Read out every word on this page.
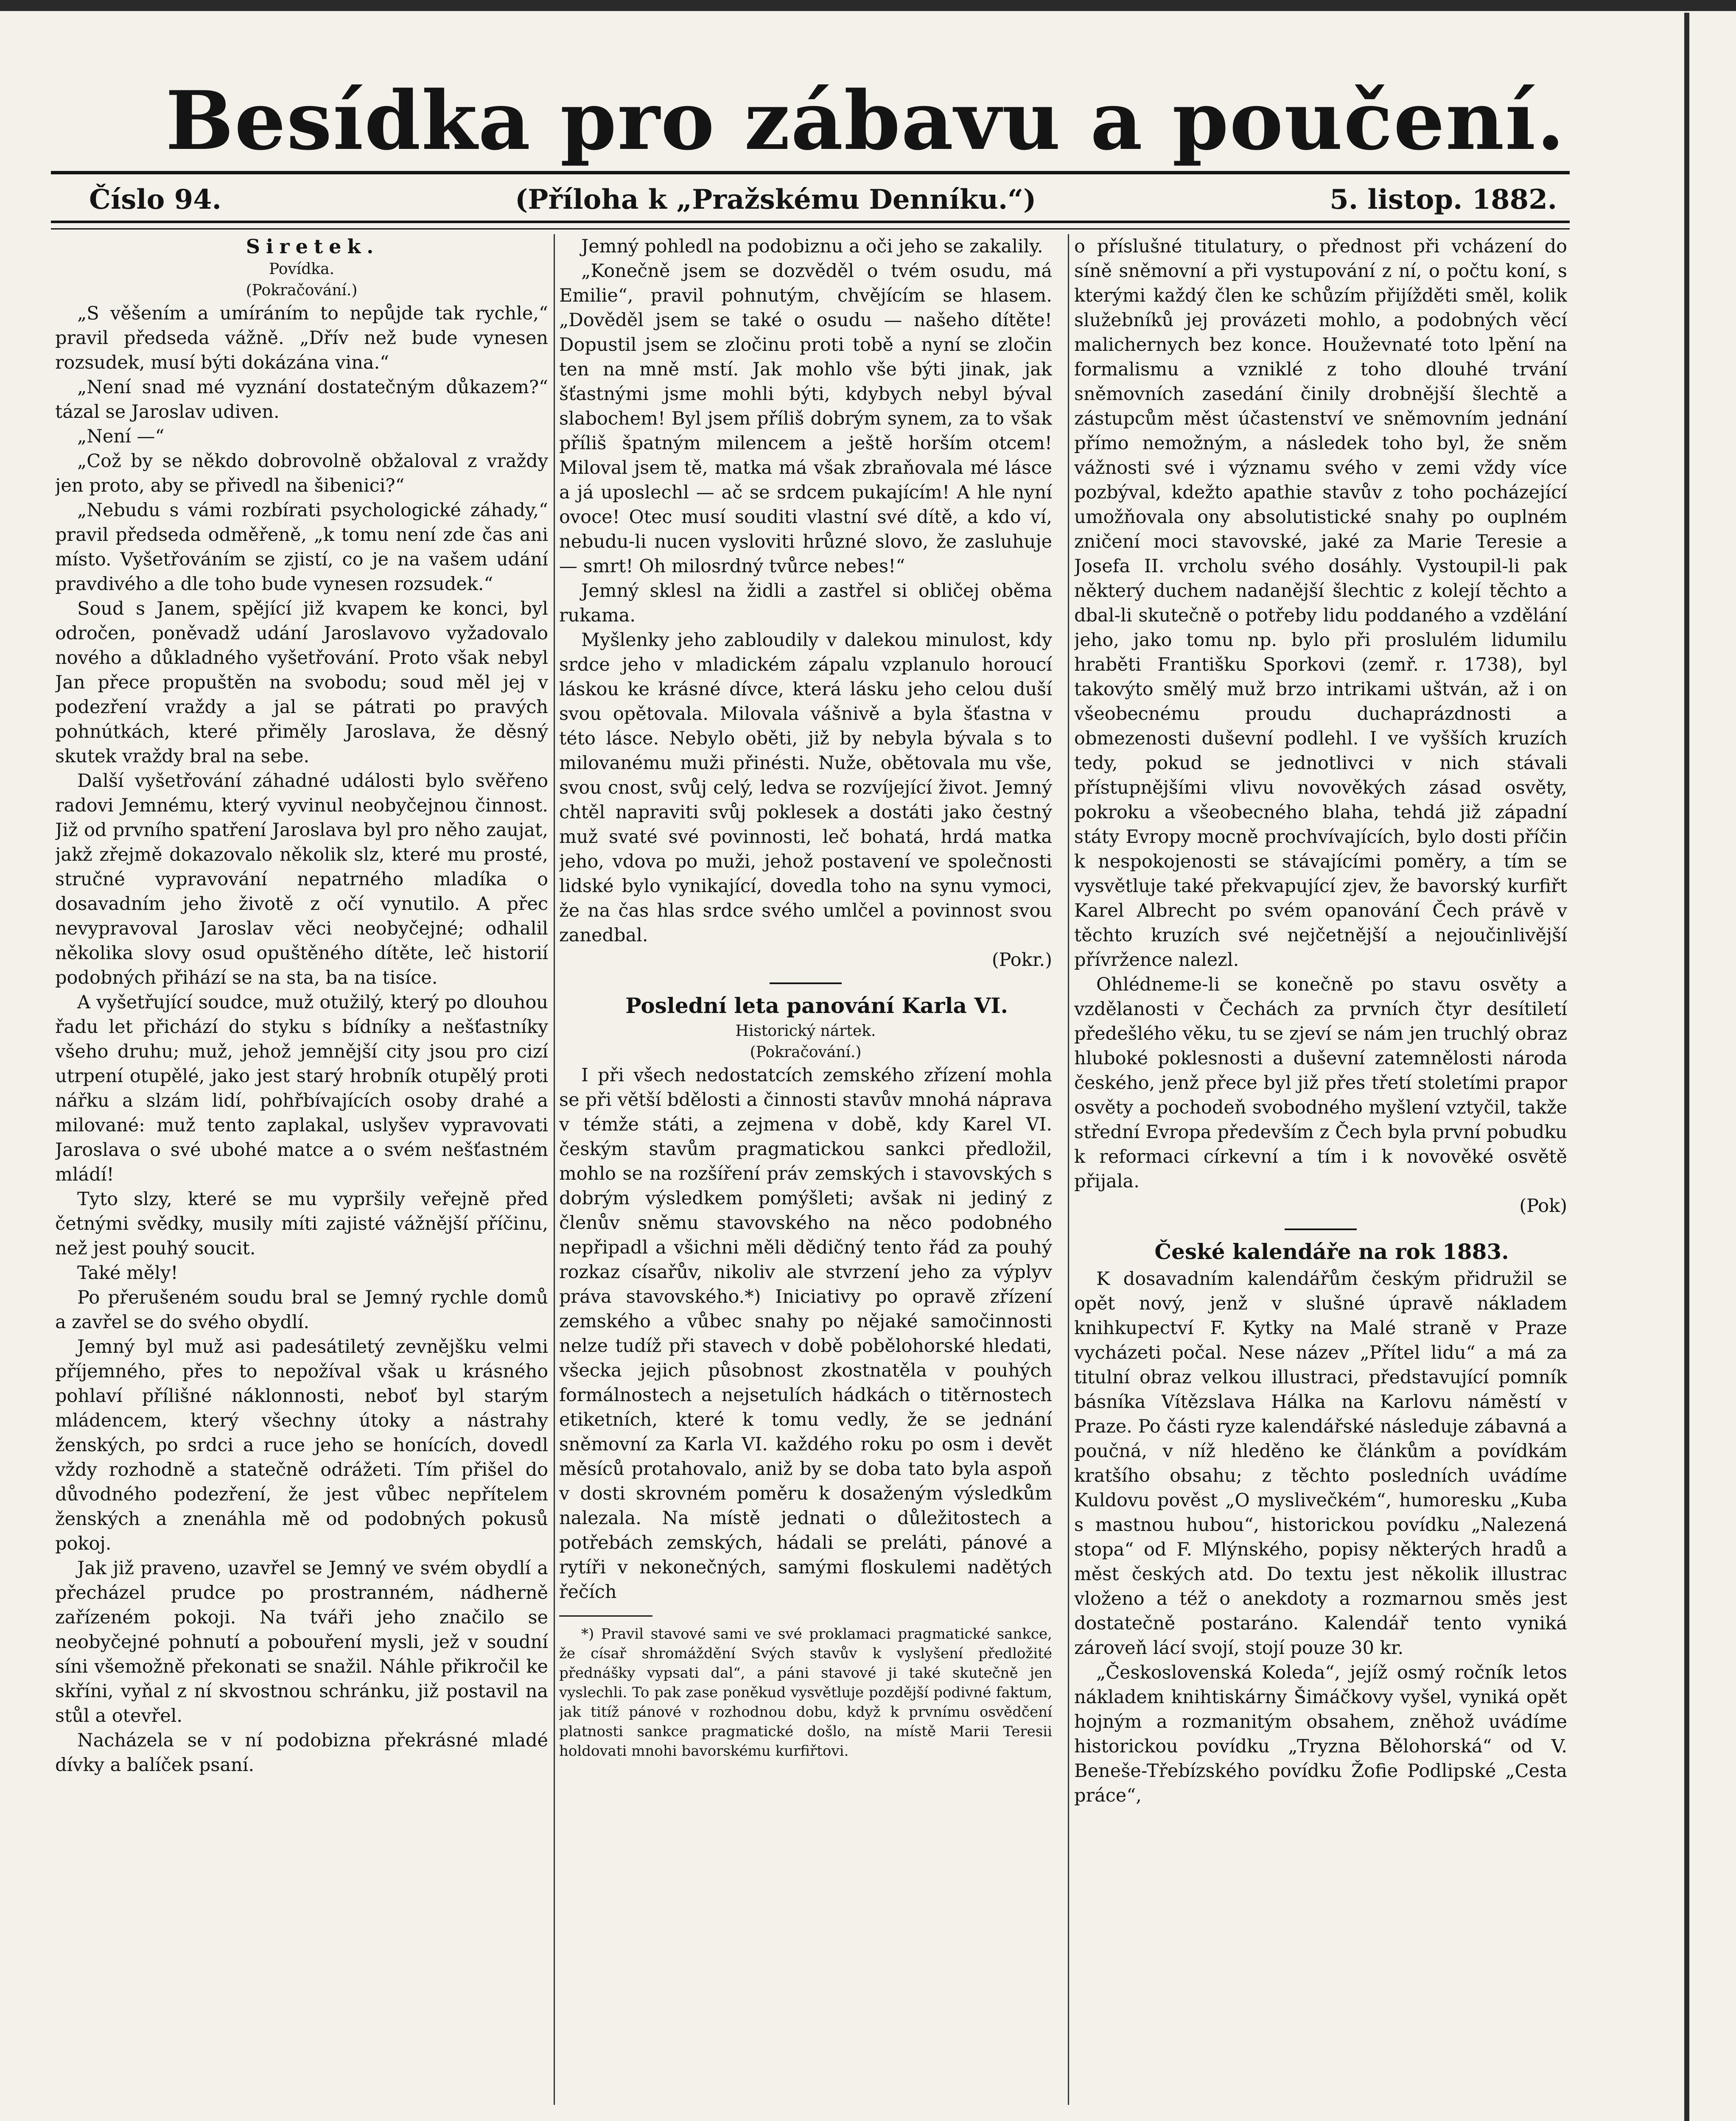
Besídka pro zábavu a poučení.
Číslo 94.	(Příloha k „Pražskému Denníku.“)	5. listop. 1882.

Siretek.

Povídka.

(Pokračování.)

„S věšením a umíráním to nepůjde tak rychle,“ pravil předseda vážně. „Dřív než bude vynesen rozsudek, musí býti dokázána vina.“

„Není snad mé vyznání dostatečným důkazem?“ tázal se Jaroslav udiven.

„Není —“

„Což by se někdo dobrovolně obžaloval z vraždy jen proto, aby se přivedl na šibenici?“

„Nebudu s vámi rozbírati psychologické záhady,“ pravil předseda odměřeně, „k tomu není zde čas ani místo. Vyšetřováním se zjistí, co je na vašem udání pravdivého a dle toho bude vynesen rozsudek.“

Soud s Janem, spějící již kvapem ke konci, byl odročen, poněvadž udání Jaroslavovo vyžadovalo nového a důkladného vyšetřování. Proto však nebyl Jan přece propuštěn na svobodu; soud měl jej v podezření vraždy a jal se pátrati po pravých pohnútkách, které přiměly Jaroslava, že děsný skutek vraždy bral na sebe.

Další vyšetřování záhadné události bylo svěřeno radovi Jemnému, který vyvinul neobyčejnou činnost. Již od prvního spatření Jaroslava byl pro něho zaujat, jakž zřejmě dokazovalo několik slz, které mu prosté, stručné vypravování nepatrného mladíka o dosavadním jeho životě z očí vynutilo. A přec nevypravoval Jaroslav věci neobyčejné; odhalil několika slovy osud opuštěného dítěte, leč historií podobných přihází se na sta, ba na tisíce.

A vyšetřující soudce, muž otužilý, který po dlouhou řadu let přichází do styku s bídníky a nešťastníky všeho druhu; muž, jehož jemnější city jsou pro cizí utrpení otupělé, jako jest starý hrobník otupělý proti nářku a slzám lidí, pohřbívajících osoby drahé a milované: muž tento zaplakal, uslyšev vypravovati Jaroslava o své ubohé matce a o svém nešťastném mládí!

Tyto slzy, které se mu vypršily veřejně před četnými svědky, musily míti zajisté vážnější příčinu, než jest pouhý soucit.

Také měly!

Po přerušeném soudu bral se Jemný rychle domů a zavřel se do svého obydlí.

Jemný byl muž asi padesátiletý zevnějšku velmi příjemného, přes to nepožíval však u krásného pohlaví přílišné náklonnosti, neboť byl starým mládencem, který všechny útoky a nástrahy ženských, po srdci a ruce jeho se honících, dovedl vždy rozhodně a statečně odrážeti. Tím přišel do důvodného podezření, že jest vůbec nepřítelem ženských a znenáhla mě od podobných pokusů pokoj.

Jak již praveno, uzavřel se Jemný ve svém obydlí a přecházel prudce po prostranném, nádherně zařízeném pokoji. Na tváři jeho značilo se neobyčejné pohnutí a pobouření mysli, jež v soudní síni všemožně překonati se snažil. Náhle přikročil ke skříni, vyňal z ní skvostnou schránku, již postavil na stůl a otevřel.

Nacházela se v ní podobizna překrásné mladé dívky a balíček psaní.

Jemný pohledl na podobiznu a oči jeho se zakalily.

„Konečně jsem se dozvěděl o tvém osudu, má Emilie“, pravil pohnutým, chvějícím se hlasem. „Dověděl jsem se také o osudu — našeho dítěte! Dopustil jsem se zločinu proti tobě a nyní se zločin ten na mně mstí. Jak mohlo vše býti jinak, jak šťastnými jsme mohli býti, kdybych nebyl býval slabochem! Byl jsem příliš dobrým synem, za to však příliš špatným milencem a ještě horším otcem! Miloval jsem tě, matka má však zbraňovala mé lásce a já uposlechl — ač se srdcem pukajícím! A hle nyní ovoce! Otec musí souditi vlastní své dítě, a kdo ví, nebudu-li nucen vysloviti hrůzné slovo, že zasluhuje — smrt! Oh milosrdný tvůrce nebes!“

Jemný sklesl na židli a zastřel si obličej oběma rukama.

Myšlenky jeho zabloudily v dalekou minulost, kdy srdce jeho v mladickém zápalu vzplanulo horoucí láskou ke krásné dívce, která lásku jeho celou duší svou opětovala. Milovala vášnivě a byla šťastna v této lásce. Nebylo oběti, již by nebyla bývala s to milovanému muži přinésti. Nuže, obětovala mu vše, svou cnost, svůj celý, ledva se rozvíjející život. Jemný chtěl napraviti svůj poklesek a dostáti jako čestný muž svaté své povinnosti, leč bohatá, hrdá matka jeho, vdova po muži, jehož postavení ve společnosti lidské bylo vynikající, dovedla toho na synu vymoci, že na čas hlas srdce svého umlčel a povinnost svou zanedbal.

(Pokr.)

Poslední leta panování Karla VI.

Historický nártek.

(Pokračování.)

I při všech nedostatcích zemského zřízení mohla se při větší bdělosti a činnosti stavův mnohá náprava v témže státi, a zejmena v době, kdy Karel VI. českým stavům pragmatickou sankci předložil, mohlo se na rozšíření práv zemských i stavovských s dobrým výsledkem pomýšleti; avšak ni jediný z členův sněmu stavovského na něco podobného nepřipadl a všichni měli dědičný tento řád za pouhý rozkaz císařův, nikoliv ale stvrzení jeho za výplyv práva stavovského.*) Iniciativy po opravě zřízení zemského a vůbec snahy po nějaké samočinnosti nelze tudíž při stavech v době pobělohorské hledati, všecka jejich působnost zkostnatěla v pouhých formálnostech a nejsetulích hádkách o titěrnostech etiketních, které k tomu vedly, že se jednání sněmovní za Karla VI. každého roku po osm i devět měsíců protahovalo, aniž by se doba tato byla aspoň v dosti skrovném poměru k dosaženým výsledkům nalezala. Na místě jednati o důležitostech a potřebách zemských, hádali se preláti, pánové a rytíři v nekonečných, samými floskulemi nadětých řečích

*) Pravil stavové sami ve své proklamaci pragmatické sankce, že císař shromáždění Svých stavův k vyslyšení předložité přednášky vypsati dal“, a páni stavové ji také skutečně jen vyslechli. To pak zase poněkud vysvětluje pozdější podivné faktum, jak titíž pánové v rozhodnou dobu, když k prvnímu osvědčení platnosti sankce pragmatické došlo, na místě Marii Teresii holdovati mnohi bavorskému kurfiřtovi.

o příslušné titulatury, o přednost při vcházení do síně sněmovní a při vystupování z ní, o počtu koní, s kterými každý člen ke schůzím přijížděti směl, kolik služebníků jej provázeti mohlo, a podobných věcí malichernych bez konce. Houževnaté toto lpění na formalismu a vzniklé z toho dlouhé trvání sněmovních zasedání činily drobnější šlechtě a zástupcům měst účastenství ve sněmovním jednání přímo nemožným, a následek toho byl, že sněm vážnosti své i významu svého v zemi vždy více pozbýval, kdežto apathie stavův z toho pocházející umožňovala ony absolutistické snahy po ouplném zničení moci stavovské, jaké za Marie Teresie a Josefa II. vrcholu svého dosáhly. Vystoupil-li pak některý duchem nadanější šlechtic z kolejí těchto a dbal-li skutečně o potřeby lidu poddaného a vzdělání jeho, jako tomu np. bylo při proslulém lidumilu hraběti Františku Sporkovi (zemř. r. 1738), byl takovýto smělý muž brzo intrikami uštván, až i on všeobecnému proudu duchaprázdnosti a obmezenosti duševní podlehl. I ve vyšších kruzích tedy, pokud se jednotlivci v nich stávali přístupnějšími vlivu novověkých zásad osvěty, pokroku a všeobecného blaha, tehdá již západní státy Evropy mocně prochvívajících, bylo dosti příčin k nespokojenosti se stávajícími poměry, a tím se vysvětluje také překvapující zjev, že bavorský kurfiřt Karel Albrecht po svém opanování Čech právě v těchto kruzích své nejčetnější a nejoučinlivější přívržence nalezl.

Ohlédneme-li se konečně po stavu osvěty a vzdělanosti v Čechách za prvních čtyr desítiletí předešlého věku, tu se zjeví se nám jen truchlý obraz hluboké poklesnosti a duševní zatemnělosti národa českého, jenž přece byl již přes třetí stoletími prapor osvěty a pochodeň svobodného myšlení vztyčil, takže střední Evropa především z Čech byla první pobudku k reformaci církevní a tím i k novověké osvětě přijala.

(Pok)

České kalendáře na rok 1883.

K dosavadním kalendářům českým přidružil se opět nový, jenž v slušné úpravě nákladem knihkupectví F. Kytky na Malé straně v Praze vycházeti počal. Nese název „Přítel lidu“ a má za titulní obraz velkou illustraci, představující pomník básníka Vítězslava Hálka na Karlovu náměstí v Praze. Po části ryze kalendářské následuje zábavná a poučná, v níž hleděno ke článkům a povídkám kratšího obsahu; z těchto posledních uvádíme Kuldovu pověst „O myslivečkém“, humoresku „Kuba s mastnou hubou“, historickou povídku „Nalezená stopa“ od F. Mlýnského, popisy některých hradů a měst českých atd. Do textu jest několik illustrac vloženo a též o anekdoty a rozmarnou směs jest dostatečně postaráno. Kalendář tento vyniká zároveň lácí svojí, stojí pouze 30 kr.

„Československá Koleda“, jejíž osmý ročník letos nákladem knihtiskárny Šimáčkovy vyšel, vyniká opět hojným a rozmanitým obsahem, zněhož uvádíme historickou povídku „Tryzna Bělohorská“ od V. Beneše-Třebízského povídku Žofie Podlipské „Cesta práce“,
